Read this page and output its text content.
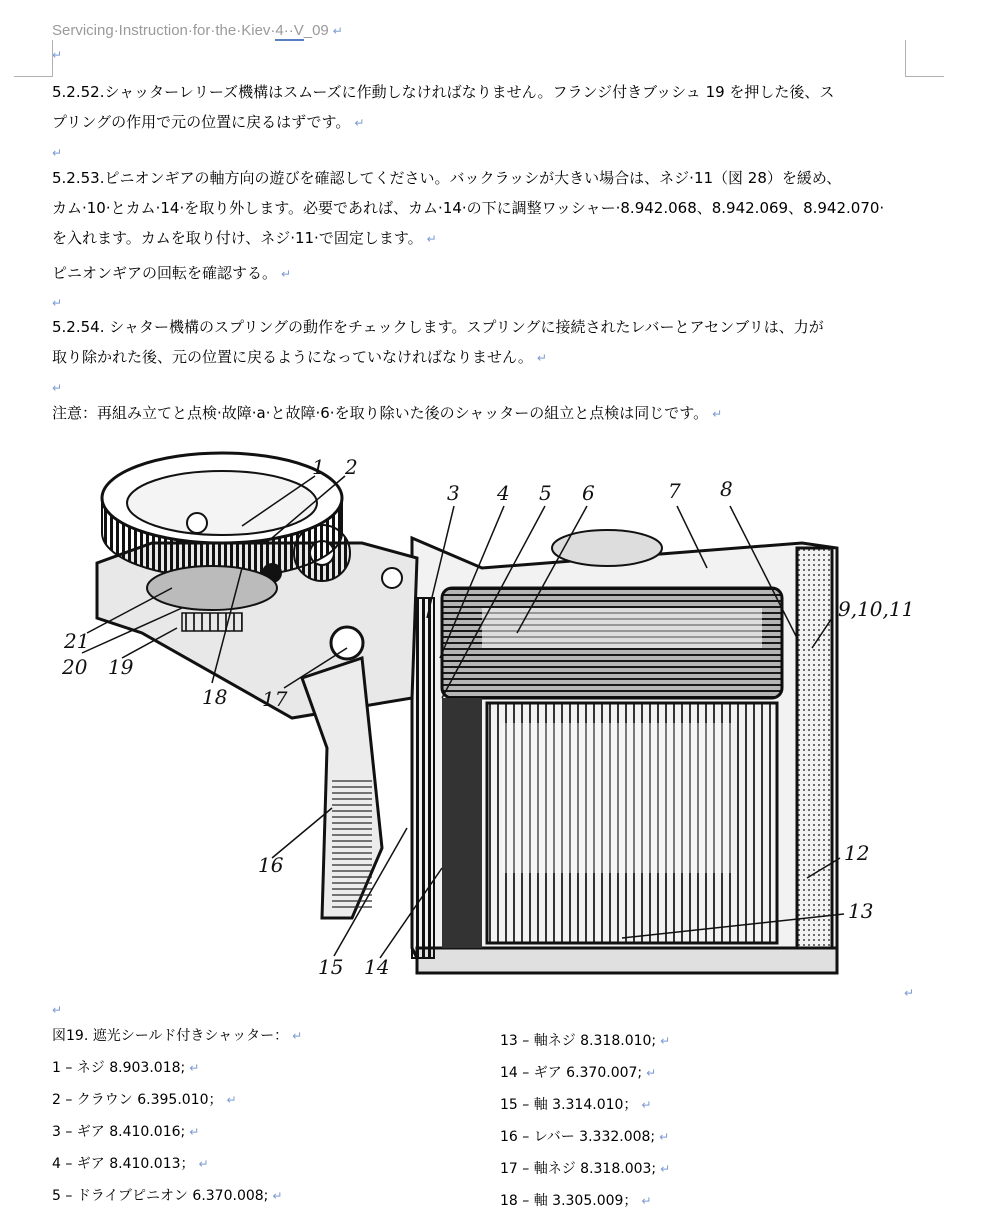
Servicing·Instruction·for·the·Kiev·4··V_09 ↵
↵
5.2.52.シャッターレリーズ機構はスムーズに作動しなければなりません。フランジ付きブッシュ 19 を押した後、ス
プリングの作用で元の位置に戻るはずです。 ↵
↵
5.2.53.ピニオンギアの軸方向の遊びを確認してください。バックラッシが大きい場合は、ネジ·11（図 28）を緩め、
カム·10·とカム·14·を取り外します。必要であれば、カム·14·の下に調整ワッシャー·8.942.068、8.942.069、8.942.070·
を入れます。カムを取り付け、ネジ·11·で固定します。 ↵
ピニオンギアの回転を確認する。 ↵
↵
5.2.54. シャター機構のスプリングの動作をチェックします。スプリングに接続されたレバーとアセンブリは、力が
取り除かれた後、元の位置に戻るようになっていなければなりません。 ↵
↵
注意：再組み立てと点検·故障·a·と故障·6·を取り除いた後のシャッターの組立と点検は同じです。 ↵
1 2
3 4 5 6	7 8
9,10,11
12
13
14
15
16
17
18
19
20
21
↵
↵
図19. 遮光シールド付きシャッター： ↵
1 – ネジ 8.903.018; ↵
2 – クラウン 6.395.010； ↵
3 – ギア 8.410.016; ↵
4 – ギア 8.410.013； ↵
5 – ドライブピニオン 6.370.008; ↵
13 – 軸ネジ 8.318.010; ↵
14 – ギア 6.370.007; ↵
15 – 軸 3.314.010； ↵
16 – レバー 3.332.008; ↵
17 – 軸ネジ 8.318.003; ↵
18 – 軸 3.305.009； ↵
